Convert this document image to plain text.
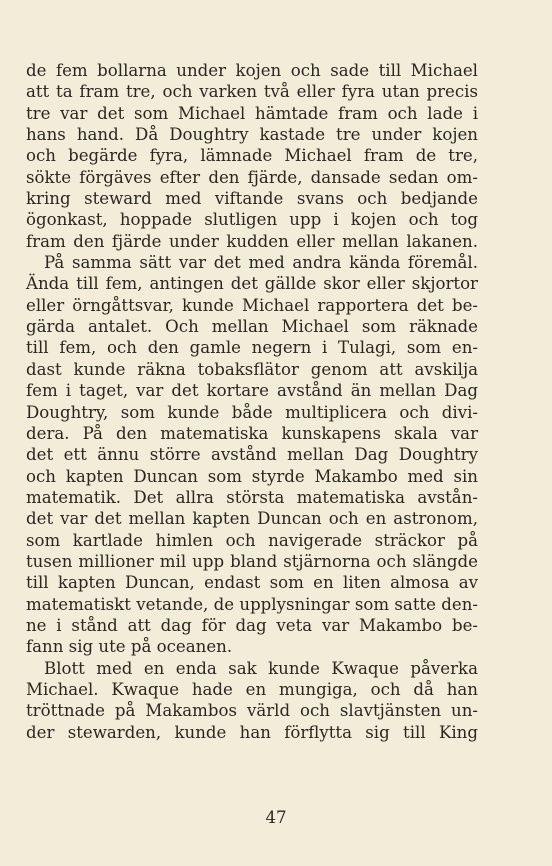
de fem bollarna under kojen och sade till Michael
att ta fram tre, och varken två eller fyra utan precis
tre var det som Michael hämtade fram och lade i
hans hand. Då Doughtry kastade tre under kojen
och begärde fyra, lämnade Michael fram de tre,
sökte förgäves efter den fjärde, dansade sedan om-
kring steward med viftande svans och bedjande
ögonkast, hoppade slutligen upp i kojen och tog
fram den fjärde under kudden eller mellan lakanen.
På samma sätt var det med andra kända föremål.
Ända till fem, antingen det gällde skor eller skjortor
eller örngåttsvar, kunde Michael rapportera det be-
gärda antalet. Och mellan Michael som räknade
till fem, och den gamle negern i Tulagi, som en-
dast kunde räkna tobaksflätor genom att avskilja
fem i taget, var det kortare avstånd än mellan Dag
Doughtry, som kunde både multiplicera och divi-
dera. På den matematiska kunskapens skala var
det ett ännu större avstånd mellan Dag Doughtry
och kapten Duncan som styrde Makambo med sin
matematik. Det allra största matematiska avstån-
det var det mellan kapten Duncan och en astronom,
som kartlade himlen och navigerade sträckor på
tusen millioner mil upp bland stjärnorna och slängde
till kapten Duncan, endast som en liten almosa av
matematiskt vetande, de upplysningar som satte den-
ne i stånd att dag för dag veta var Makambo be-
fann sig ute på oceanen.
Blott med en enda sak kunde Kwaque påverka
Michael. Kwaque hade en mungiga, och då han
tröttnade på Makambos värld och slavtjänsten un-
der stewarden, kunde han förflytta sig till King
47
